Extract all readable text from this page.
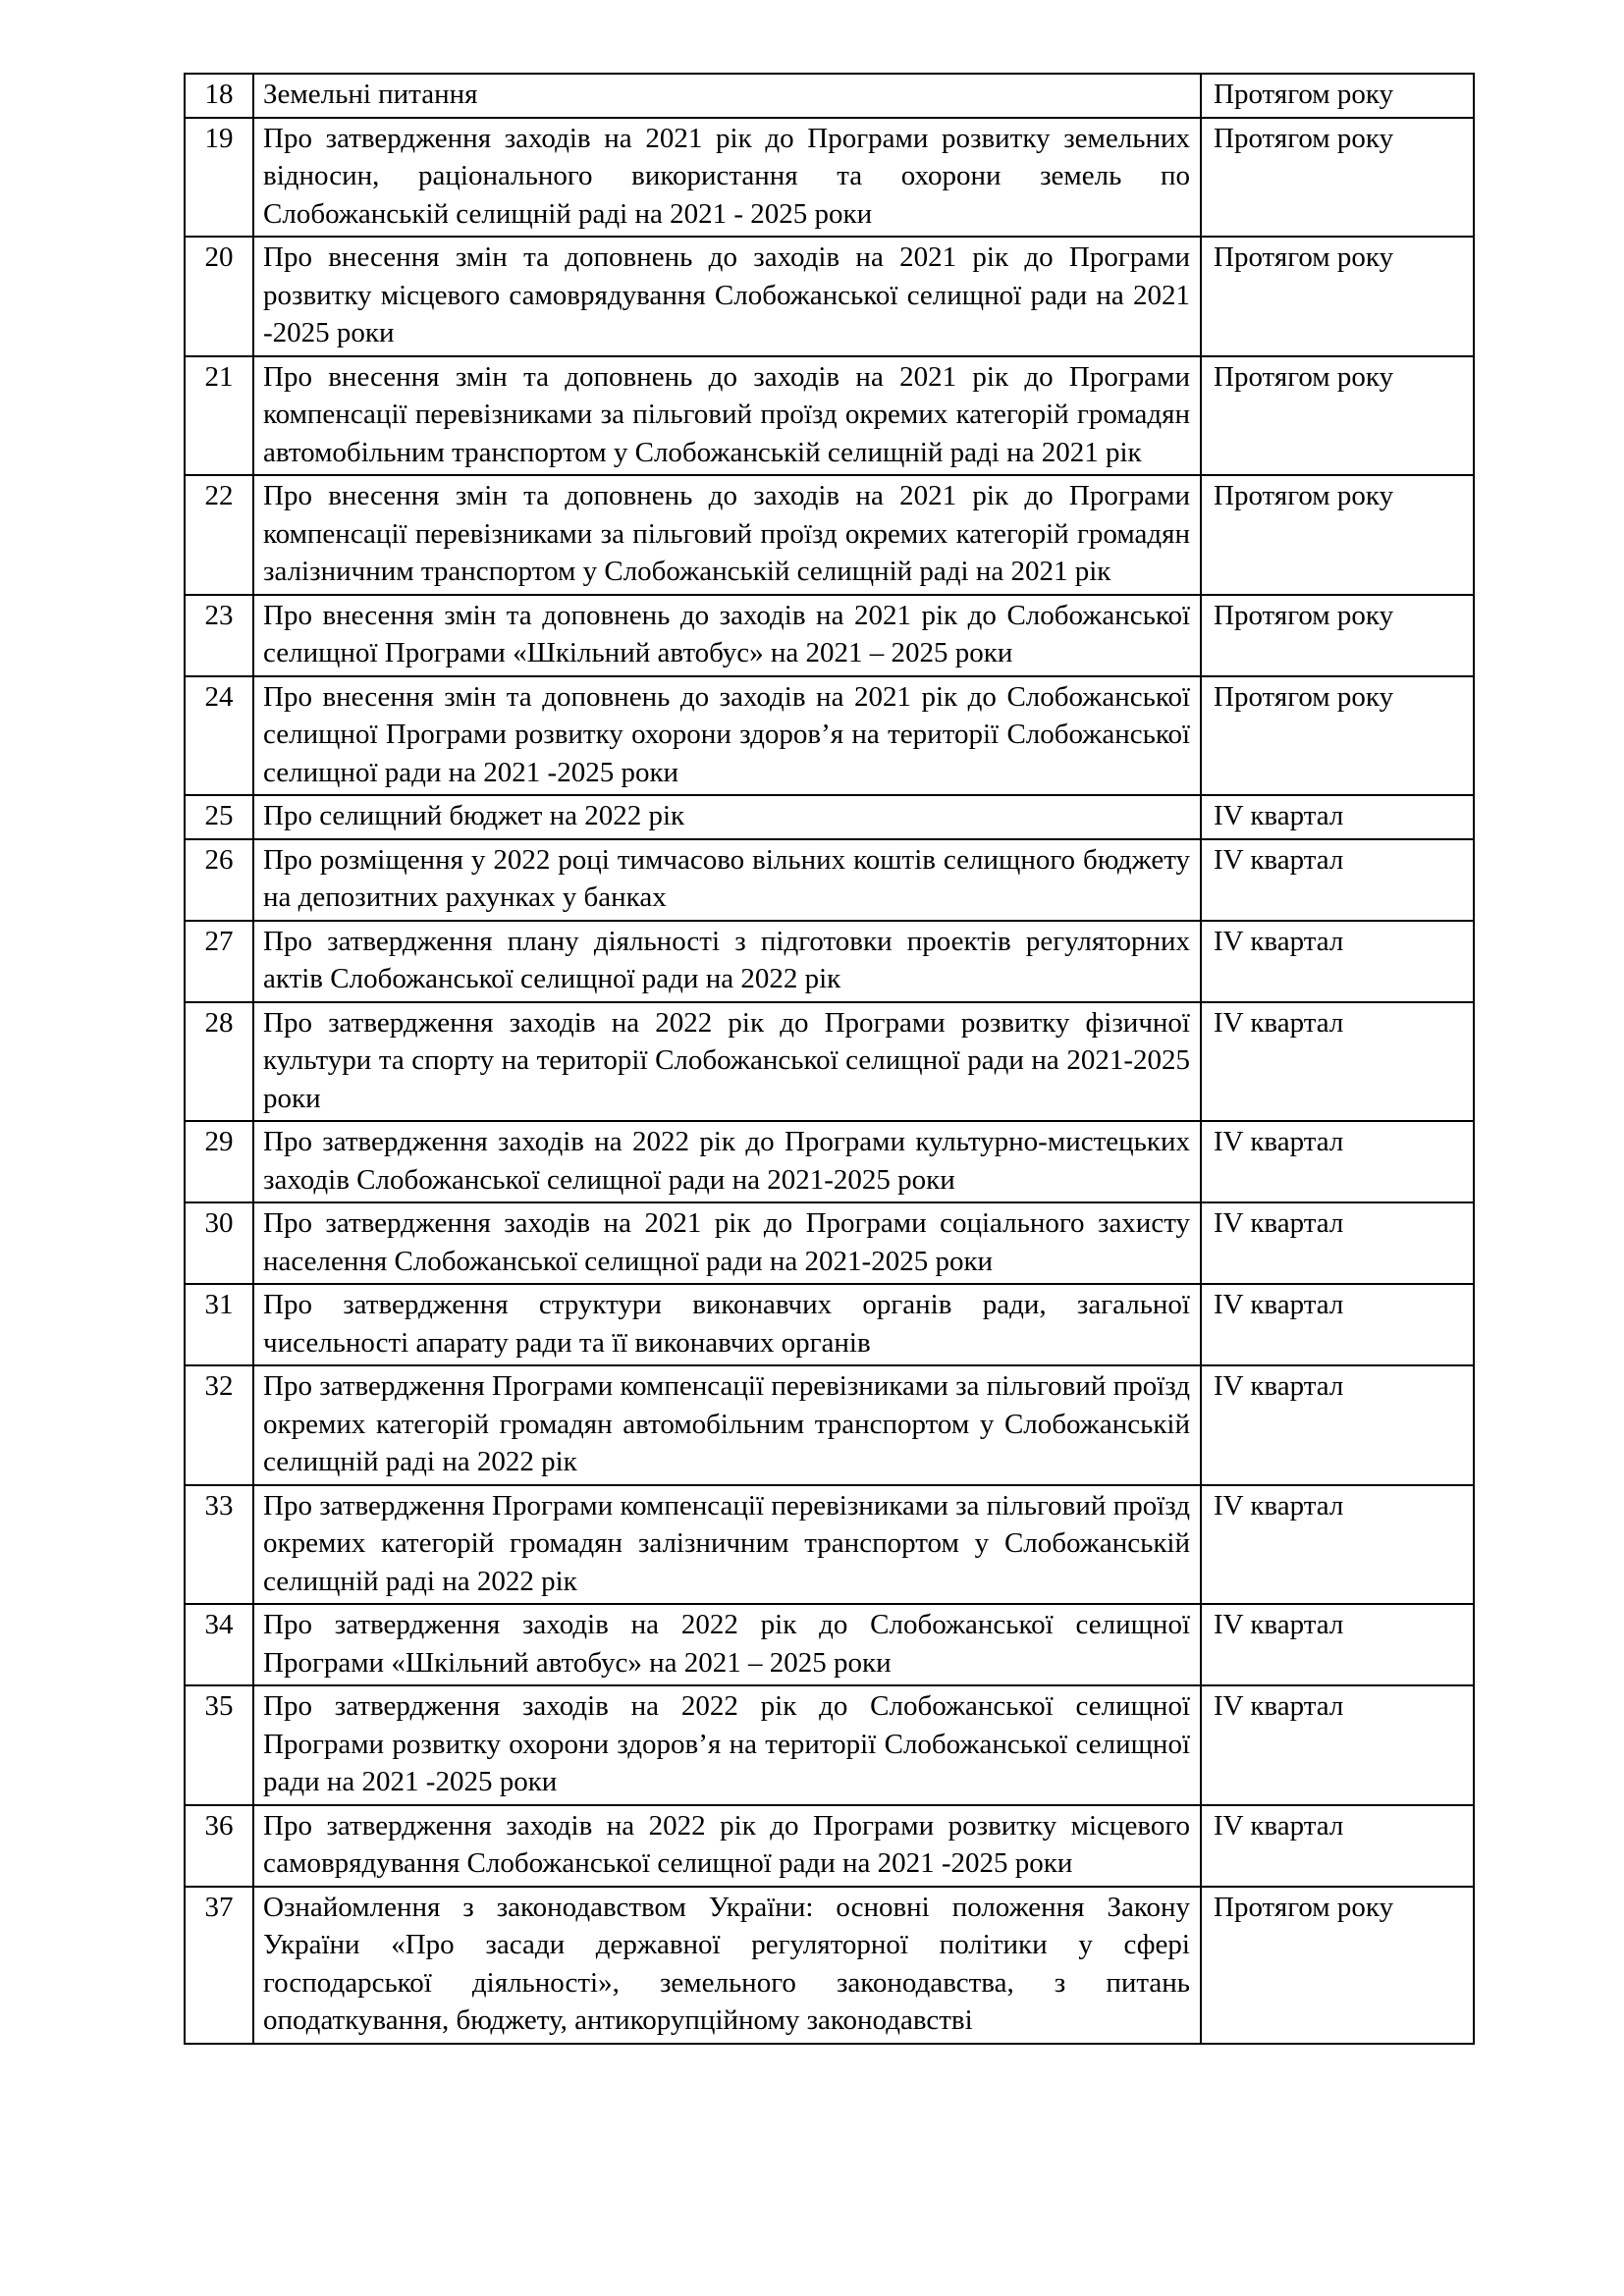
18	Земельні питання	Протягом року
19	Про затвердження заходів на 2021 рік до Програми розвитку земельних відносин, раціонального використання та охорони земель по Слобожанській селищній раді на 2021 - 2025 роки	Протягом року
20	Про внесення змін та доповнень до заходів на 2021 рік до Програми розвитку місцевого самоврядування Слобожанської селищної ради на 2021 -2025 роки	Протягом року
21	Про внесення змін та доповнень до заходів на 2021 рік до Програми компенсації перевізниками за пільговий проїзд окремих категорій громадян автомобільним транспортом у Слобожанській селищній раді на 2021 рік	Протягом року
22	Про внесення змін та доповнень до заходів на 2021 рік до Програми компенсації перевізниками за пільговий проїзд окремих категорій громадян залізничним транспортом у Слобожанській селищній раді на 2021 рік	Протягом року
23	Про внесення змін та доповнень до заходів на 2021 рік до Слобожанської селищної Програми «Шкільний автобус» на 2021 – 2025 роки	Протягом року
24	Про внесення змін та доповнень до заходів на 2021 рік до Слобожанської селищної Програми розвитку охорони здоров’я на території Слобожанської селищної ради на 2021 -2025 роки	Протягом року
25	Про селищний бюджет на 2022 рік	IV квартал
26	Про розміщення у 2022 році тимчасово вільних коштів селищного бюджету на депозитних рахунках у банках	IV квартал
27	Про затвердження плану діяльності з підготовки проектів регуляторних актів Слобожанської селищної ради на 2022 рік	IV квартал
28	Про затвердження заходів на 2022 рік до Програми розвитку фізичної культури та спорту на території Слобожанської селищної ради на 2021-2025 роки	IV квартал
29	Про затвердження заходів на 2022 рік до Програми культурно-мистецьких заходів Слобожанської селищної ради на 2021-2025 роки	IV квартал
30	Про затвердження заходів на 2021 рік до Програми соціального захисту населення Слобожанської селищної ради на 2021-2025 роки	IV квартал
31	Про затвердження структури виконавчих органів ради, загальної чисельності апарату ради та її виконавчих органів	IV квартал
32	Про затвердження Програми компенсації перевізниками за пільговий проїзд окремих категорій громадян автомобільним транспортом у Слобожанській селищній раді на 2022 рік	IV квартал
33	Про затвердження Програми компенсації перевізниками за пільговий проїзд окремих категорій громадян залізничним транспортом у Слобожанській селищній раді на 2022 рік	IV квартал
34	Про затвердження заходів на 2022 рік до Слобожанської селищної Програми «Шкільний автобус» на 2021 – 2025 роки	IV квартал
35	Про затвердження заходів на 2022 рік до Слобожанської селищної Програми розвитку охорони здоров’я на території Слобожанської селищної ради на 2021 -2025 роки	IV квартал
36	Про затвердження заходів на 2022 рік до Програми розвитку місцевого самоврядування Слобожанської селищної ради на 2021 -2025 роки	IV квартал
37	Ознайомлення з законодавством України: основні положення Закону України «Про засади державної регуляторної політики у сфері господарської діяльності», земельного законодавства, з питань оподаткування, бюджету, антикорупційному законодавстві	Протягом року
